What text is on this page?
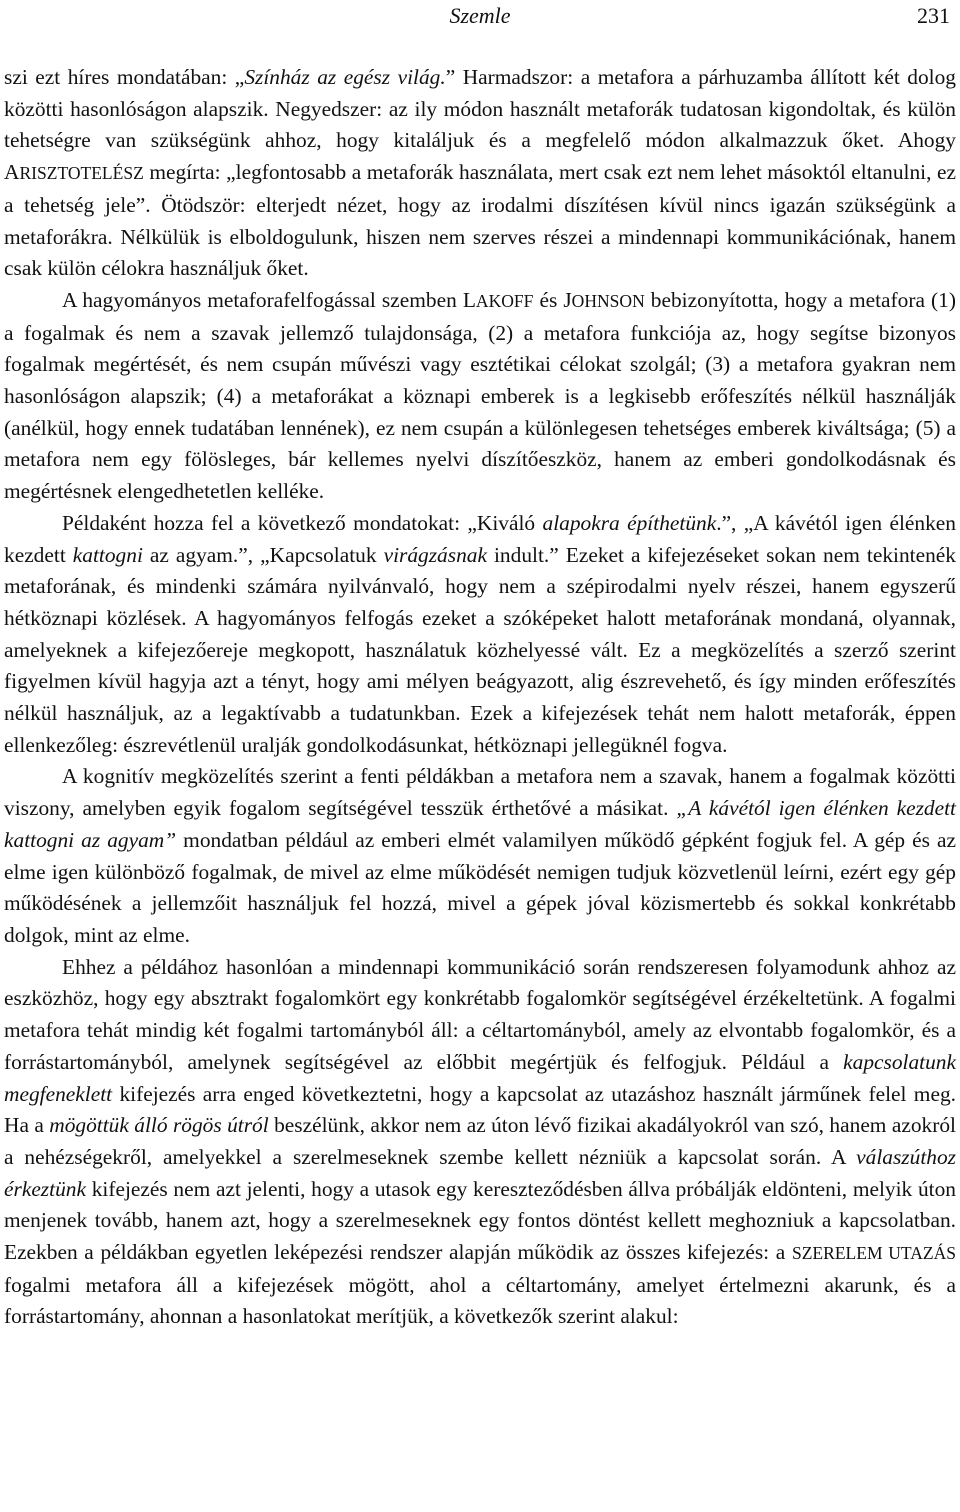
Szemle	231

szi ezt híres mondatában: „Színház az egész világ.” Harmadszor: a metafora a párhuzamba állított két dolog közötti hasonlóságon alapszik. Negyedszer: az ily módon használt metaforák tudatosan kigondoltak, és külön tehetségre van szükségünk ahhoz, hogy kitaláljuk és a megfelelő módon alkalmazzuk őket. Ahogy ARISZTOTELÉSZ megírta: „legfontosabb a metaforák használata, mert csak ezt nem lehet másoktól eltanulni, ez a tehetség jele”. Ötödször: elterjedt nézet, hogy az irodalmi díszítésen kívül nincs igazán szükségünk a metaforákra. Nélkülük is elboldogulunk, hiszen nem szerves részei a mindennapi kommunikációnak, hanem csak külön célokra használjuk őket.

A hagyományos metaforafelfogással szemben LAKOFF és JOHNSON bebizonyította, hogy a metafora (1) a fogalmak és nem a szavak jellemző tulajdonsága, (2) a metafora funkciója az, hogy segítse bizonyos fogalmak megértését, és nem csupán művészi vagy esztétikai célokat szolgál; (3) a metafora gyakran nem hasonlóságon alapszik; (4) a metaforákat a köznapi emberek is a legkisebb erőfeszítés nélkül használják (anélkül, hogy ennek tudatában lennének), ez nem csupán a különlegesen tehetséges emberek kiváltsága; (5) a metafora nem egy fölösleges, bár kellemes nyelvi díszítőeszköz, hanem az emberi gondolkodásnak és megértésnek elengedhetetlen kelléke.

Példaként hozza fel a következő mondatokat: „Kiváló alapokra építhetünk.”, „A kávétól igen élénken kezdett kattogni az agyam.”, „Kapcsolatuk virágzásnak indult.” Ezeket a kifejezéseket sokan nem tekintenék metaforának, és mindenki számára nyilvánvaló, hogy nem a szépirodalmi nyelv részei, hanem egyszerű hétköznapi közlések. A hagyományos felfogás ezeket a szóképeket halott metaforának mondaná, olyannak, amelyeknek a kifejezőereje megkopott, használatuk közhelyessé vált. Ez a megközelítés a szerző szerint figyelmen kívül hagyja azt a tényt, hogy ami mélyen beágyazott, alig észrevehető, és így minden erőfeszítés nélkül használjuk, az a legaktívabb a tudatunkban. Ezek a kifejezések tehát nem halott metaforák, éppen ellenkezőleg: észrevétlenül uralják gondolkodásunkat, hétköznapi jellegüknél fogva.

A kognitív megközelítés szerint a fenti példákban a metafora nem a szavak, hanem a fogalmak közötti viszony, amelyben egyik fogalom segítségével tesszük érthetővé a másikat. „A kávétól igen élénken kezdett kattogni az agyam” mondatban például az emberi elmét valamilyen működő gépként fogjuk fel. A gép és az elme igen különböző fogalmak, de mivel az elme működését nemigen tudjuk közvetlenül leírni, ezért egy gép működésének a jellemzőit használjuk fel hozzá, mivel a gépek jóval közismertebb és sokkal konkrétabb dolgok, mint az elme.

Ehhez a példához hasonlóan a mindennapi kommunikáció során rendszeresen folyamodunk ahhoz az eszközhöz, hogy egy absztrakt fogalomkört egy konkrétabb fogalomkör segítségével érzékeltetünk. A fogalmi metafora tehát mindig két fogalmi tartományból áll: a céltartományból, amely az elvontabb fogalomkör, és a forrástartományból, amelynek segítségével az előbbit megértjük és felfogjuk. Például a kapcsolatunk megfeneklett kifejezés arra enged következtetni, hogy a kapcsolat az utazáshoz használt járműnek felel meg. Ha a mögöttük álló rögös útról beszélünk, akkor nem az úton lévő fizikai akadályokról van szó, hanem azokról a nehézségekről, amelyekkel a szerelmeseknek szembe kellett nézniük a kapcsolat során. A válaszúthoz érkeztünk kifejezés nem azt jelenti, hogy a utasok egy kereszteződésben állva próbálják eldönteni, melyik úton menjenek tovább, hanem azt, hogy a szerelmeseknek egy fontos döntést kellett meghozniuk a kapcsolatban. Ezekben a példákban egyetlen leképezési rendszer alapján működik az összes kifejezés: a SZERELEM UTAZÁS fogalmi metafora áll a kifejezések mögött, ahol a céltartomány, amelyet értelmezni akarunk, és a forrástartomány, ahonnan a hasonlatokat merítjük, a következők szerint alakul:
